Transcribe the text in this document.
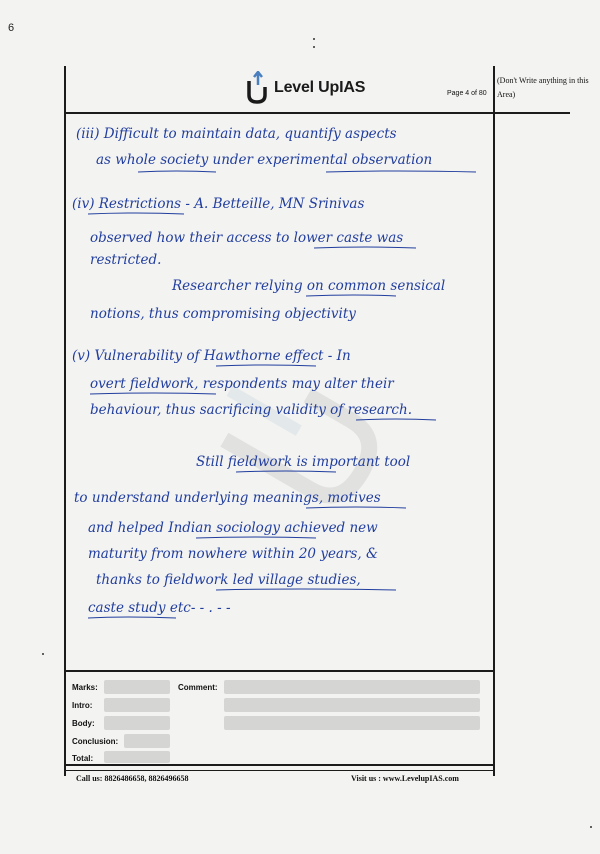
6
Level UpIAS	Page 4 of 80
(Don't Write anything in this Area)
(iii) Difficult to maintain data, quantify aspects
as whole society under experimental observation
(iv) Restrictions - A. Betteille, MN Srinivas
observed how their access to lower caste was
restricted.
Researcher relying on common sensical
notions, thus compromising objectivity
(v) Vulnerability of Hawthorne effect - In
overt fieldwork, respondents may alter their
behaviour, thus sacrificing validity of research.
Still fieldwork is important tool
to understand underlying meanings, motives
and helped Indian sociology achieved new
maturity from nowhere within 20 years, &
thanks to fieldwork led village studies,
caste study etc- - . - -
Marks:	Comment:
Intro:
Body:
Conclusion:
Total:
Call us: 8826486658, 8826496658	Visit us : www.LevelupIAS.com
